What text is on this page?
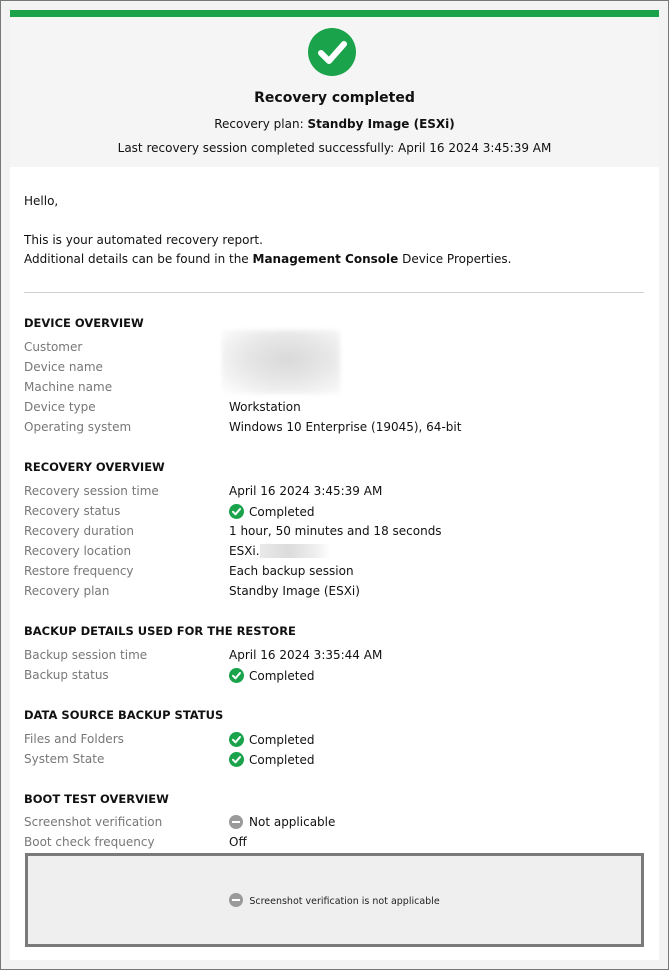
Recovery completed
Recovery plan: Standby Image (ESXi)
Last recovery session completed successfully: April 16 2024 3:45:39 AM
Hello,
This is your automated recovery report.
Additional details can be found in the Management Console Device Properties.
DEVICE OVERVIEW
Customer
Device name
Machine name
Device type	Workstation
Operating system	Windows 10 Enterprise (19045), 64-bit
RECOVERY OVERVIEW
Recovery session time	April 16 2024 3:45:39 AM
Recovery status	Completed
Recovery duration	1 hour, 50 minutes and 18 seconds
Recovery location	ESXi.
Restore frequency	Each backup session
Recovery plan	Standby Image (ESXi)
BACKUP DETAILS USED FOR THE RESTORE
Backup session time	April 16 2024 3:35:44 AM
Backup status	Completed
DATA SOURCE BACKUP STATUS
Files and Folders	Completed
System State	Completed
BOOT TEST OVERVIEW
Screenshot verification	Not applicable
Boot check frequency	Off
Screenshot verification is not applicable
